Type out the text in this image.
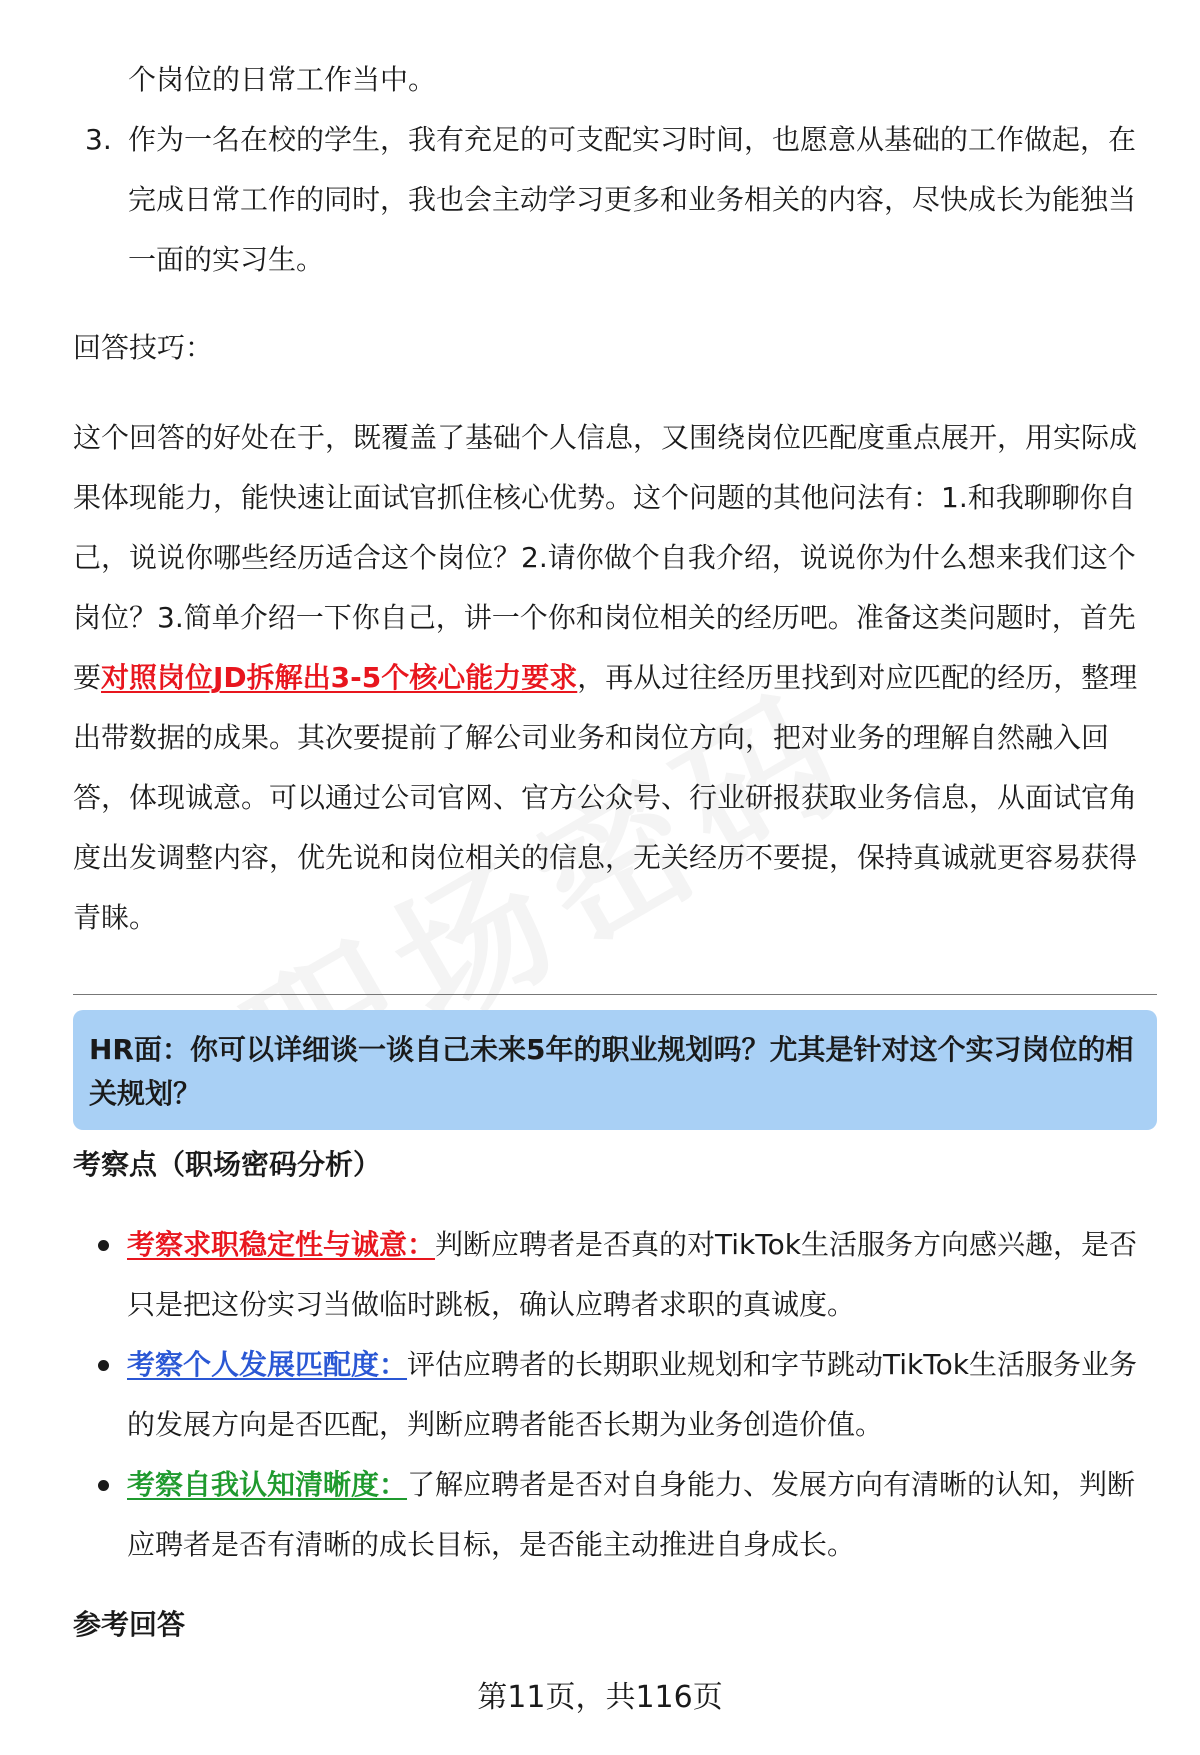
个岗位的日常工作当中。
3. 作为一名在校的学生，我有充足的可支配实习时间，也愿意从基础的工作做起，在完成日常工作的同时，我也会主动学习更多和业务相关的内容，尽快成长为能独当一面的实习生。
回答技巧：
这个回答的好处在于，既覆盖了基础个人信息，又围绕岗位匹配度重点展开，用实际成果体现能力，能快速让面试官抓住核心优势。这个问题的其他问法有：1.和我聊聊你自己，说说你哪些经历适合这个岗位？2.请你做个自我介绍，说说你为什么想来我们这个岗位？3.简单介绍一下你自己，讲一个你和岗位相关的经历吧。准备这类问题时，首先要对照岗位JD拆解出3-5个核心能力要求，再从过往经历里找到对应匹配的经历，整理出带数据的成果。其次要提前了解公司业务和岗位方向，把对业务的理解自然融入回答，体现诚意。可以通过公司官网、官方公众号、行业研报获取业务信息，从面试官角度出发调整内容，优先说和岗位相关的信息，无关经历不要提，保持真诚就更容易获得青睐。
HR面：你可以详细谈一谈自己未来5年的职业规划吗？尤其是针对这个实习岗位的相关规划？
考察点（职场密码分析）
考察求职稳定性与诚意：判断应聘者是否真的对TikTok生活服务方向感兴趣，是否只是把这份实习当做临时跳板，确认应聘者求职的真诚度。
考察个人发展匹配度：评估应聘者的长期职业规划和字节跳动TikTok生活服务业务的发展方向是否匹配，判断应聘者能否长期为业务创造价值。
考察自我认知清晰度：了解应聘者是否对自身能力、发展方向有清晰的认知，判断应聘者是否有清晰的成长目标，是否能主动推进自身成长。
参考回答
第11页，共116页
